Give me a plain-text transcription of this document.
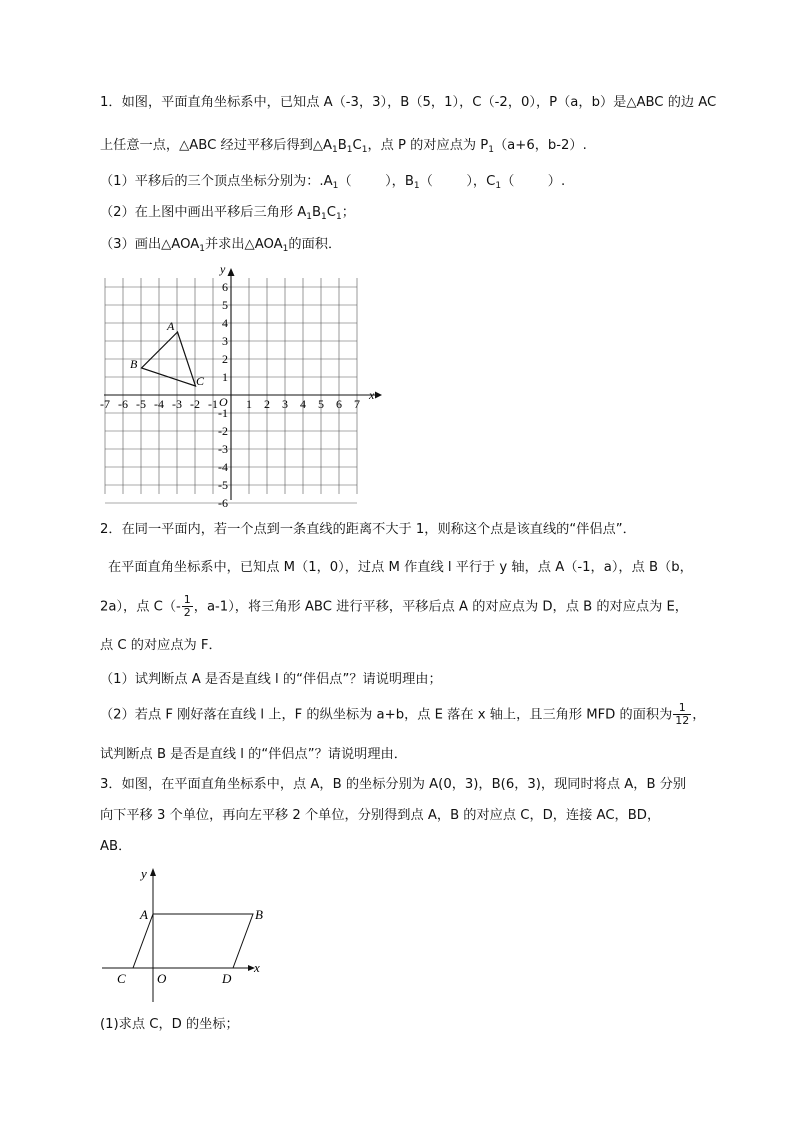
1．如图，平面直角坐标系中，已知点 A（-3，3），B（5，1），C（-2，0），P（a，b）是△ABC 的边 AC
上任意一点，△ABC 经过平移后得到$\triangle A_1B_1C_1$，点 P 的对应点为 $P_1(a+6$，b-2）.
（1）平移后的三个顶点坐标分别为：$.A_1$（        ），$B_1$（        ），$C_1$（        ）.
（2）在上图中画出平移后三角形 $A_1B_1C_1$；
（3）画出$\triangle AOA_1$并求出$\triangle AOA_1$的面积．
-7 -6 -5 -4 -3 -2 -1 1 2 3 4 5 6 7
6
5
4
3
2
1
-1
-2
-3
-4
-5
-6
x
y
O
A
B
C
2．在同一平面内，若一个点到一条直线的距离不大于 1，则称这个点是该直线的“伴侣点”．
在平面直角坐标系中，已知点 M（1，0），过点 M 作直线 l 平行于 y 轴，点 A（-1，a），点 B（b，
2a），点 $C(- \frac{1}{2}$ ，a-1），将三角形 ABC 进行平移，平移后点 A 的对应点为 D，点 B 的对应点为 E，
点 C 的对应点为 F．
（1）试判断点 A 是否是直线 l 的“伴侣点”？请说明理由；
（2）若点 F 刚好落在直线 l 上，F 的纵坐标为 a+b，点 E 落在 x 轴上，且三角形 MFD 的面积为 $\frac{1}{12}$ ，
试判断点 B 是否是直线 l 的“伴侣点”？请说明理由．
3．如图，在平面直角坐标系中，点 A，B 的坐标分别为 A(0，3)，B(6，3)，现同时将点 A，B 分别
向下平移 3 个单位，再向左平移 2 个单位，分别得到点 A，B 的对应点 C，D，连接 AC，BD，
AB．
x
y
A	B
C O	D
(1)求点 C，D 的坐标；
